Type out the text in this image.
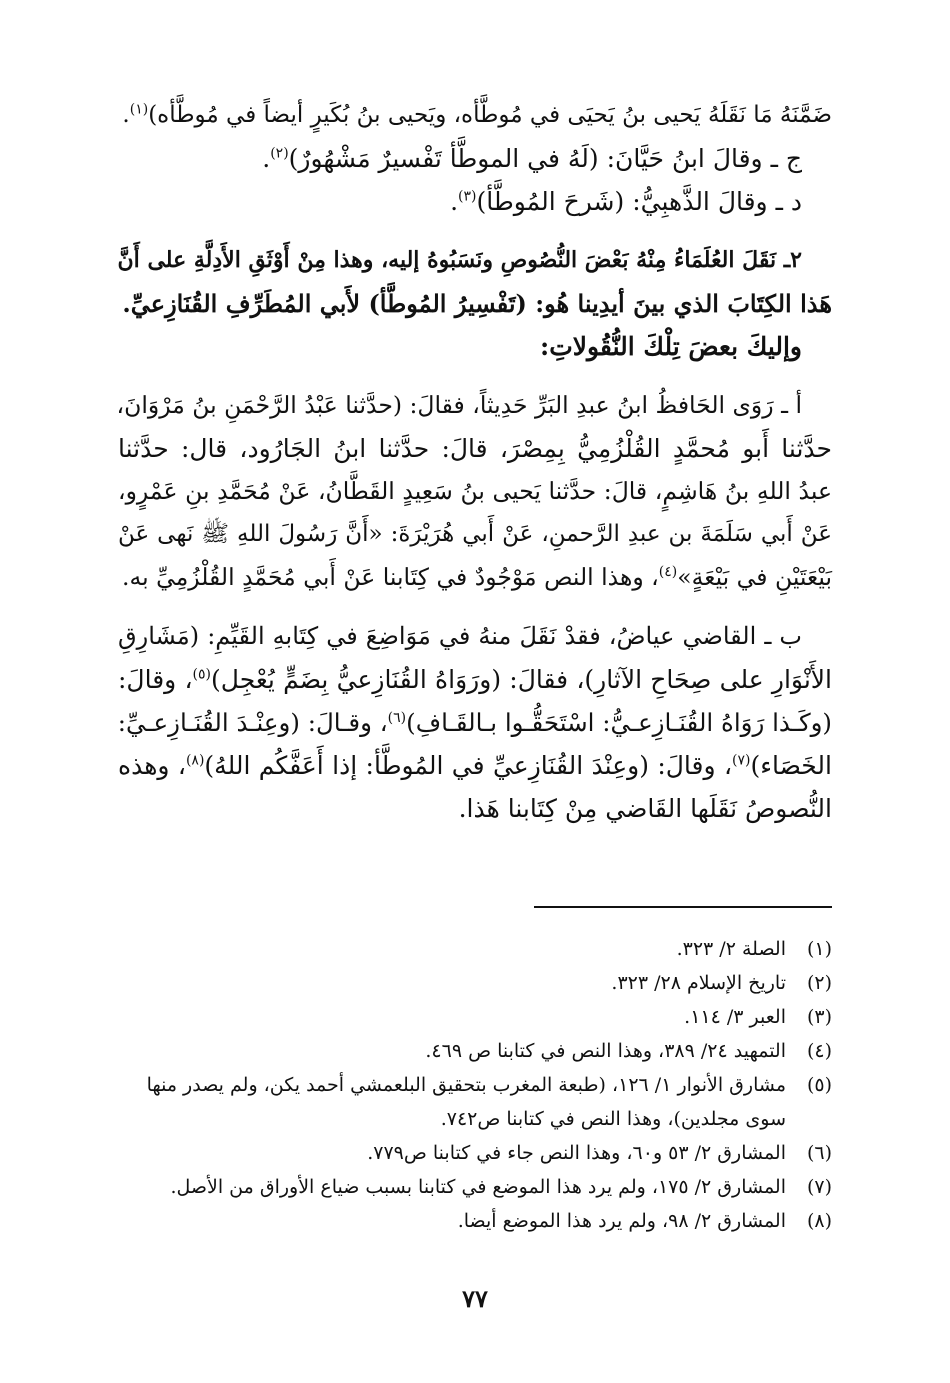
ضَمَّنَهُ مَا نَقَلَهُ يَحيى بنُ يَحيَى في مُوطَّأه، ويَحيى بنُ بُكَيرٍ أيضاً في مُوطَّأه)$^{(١)}$.

ج ـ وقالَ ابنُ حَيَّانَ: (لَهُ في الموطَّأ تَفْسيرٌ مَشْهُورٌ)$^{(٢)}$.

د ـ وقالَ الذَّهبِيُّ: (شَرحَ المُوطَّأ)$^{(٣)}$.

٢ـ نَقَلَ العُلَمَاءُ مِنْهُ بَعْضَ النُّصُوصِ ونَسَبُوهُ إليه، وهذا مِنْ أَوْثَقِ الأَدِلَّةِ على أَنَّ

هَذا الكِتَابَ الذي بينَ أيدِينا هُو: (تَفْسِيرُ المُوطَّأ) لأَبي المُطَرِّفِ القُنَازِعيِّ.

وإليكَ بعضَ تِلْكَ النُّقُولاتِ:

أ ـ رَوَى الحَافظُ ابنُ عبدِ البَرِّ حَدِيثاً، فقالَ: (حدَّثنا عَبْدُ الرَّحْمَنِ بنُ مَرْوَانَ،

حدَّثنا أَبو مُحمَّدٍ القُلْزُمِيُّ بِمِصْرَ، قالَ: حدَّثنا ابنُ الجَارُود، قال: حدَّثنا

عبدُ اللهِ بنُ هَاشِمٍ، قالَ: حدَّثنا يَحيى بنُ سَعِيدٍ القَطَّانُ، عَنْ مُحَمَّدِ بنِ عَمْرٍو،

عَنْ أَبي سَلَمَةَ بن عبدِ الرَّحمنِ، عَنْ أَبي هُرَيْرَةَ: «أَنَّ رَسُولَ اللهِ ﷺ نَهى عَنْ

بَيْعَتَيْنِ في بَيْعَةٍ»$^{(٤)}$، وهذا النص مَوْجُودٌ في كِتَابنا عَنْ أَبي مُحَمَّدٍ القُلْزُمِيِّ به.

ب ـ القاضي عياضُ، فقدْ نَقَلَ منهُ في مَوَاضِعَ في كِتَابهِ القَيِّمِ: (مَشَارِقِ

الأَنْوَارِ على صِحَاحِ الآثارِ)، فقالَ: (ورَوَاهُ القُنَازِعيُّ بِضَمٍّ يُعْجِل)$^{(٥)}$، وقالَ:

(وكَـذا رَوَاهُ القُنَـازِعـيُّ: اسْتَحَقُّـوا بـالقَـافِ)$^{(٦)}$، وقـالَ: (وعِنْـدَ القُنَـازِعـيِّ:

الخَصَاء)$^{(٧)}$، وقالَ: (وعِنْدَ القُنَازِعيِّ في المُوطَّأ: إذا أَعَفَّكُم اللهُ)$^{(٨)}$، وهذه

النُّصوصُ نَقَلَها القَاضي مِنْ كِتَابنا هَذا.

(١)
الصلة ٢/ ٣٢٣.
(٢)
تاريخ الإسلام ٢٨/ ٣٢٣.
(٣)
العبر ٣/ ١١٤.
(٤)
التمهيد ٢٤/ ٣٨٩، وهذا النص في كتابنا ص ٤٦٩.
(٥)
مشارق الأنوار ١/ ١٢٦، (طبعة المغرب بتحقيق البلعمشي أحمد يكن، ولم يصدر منها سوى مجلدين)، وهذا النص في كتابنا ص٧٤٢.
(٦)
المشارق ٢/ ٥٣ و٦٠، وهذا النص جاء في كتابنا ص٧٧٩.
(٧)
المشارق ٢/ ١٧٥، ولم يرد هذا الموضع في كتابنا بسبب ضياع الأوراق من الأصل.
(٨)
المشارق ٢/ ٩٨، ولم يرد هذا الموضع أيضا.
٧٧
